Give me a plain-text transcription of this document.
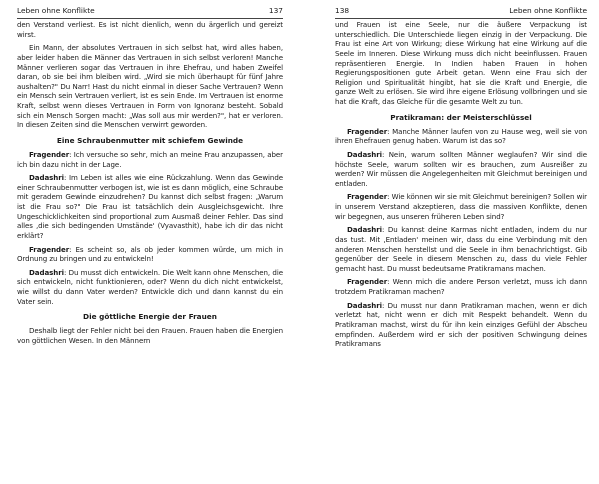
Leben ohne Konflikte	137

den Verstand verliest. Es ist nicht dienlich, wenn du ärgerlich und gereizt wirst.

Ein Mann, der absolutes Vertrauen in sich selbst hat, wird alles haben, aber leider haben die Männer das Vertrauen in sich selbst verloren! Manche Männer verlieren sogar das Vertrauen in ihre Ehefrau, und haben Zweifel daran, ob sie bei ihm bleiben wird. „Wird sie mich überhaupt für fünf Jahre aushalten?" Du Narr! Hast du nicht einmal in dieser Sache Vertrauen? Wenn ein Mensch sein Vertrauen verliert, ist es sein Ende. Im Vertrauen ist enorme Kraft, selbst wenn dieses Vertrauen in Form von Ignoranz besteht. Sobald sich ein Mensch Sorgen macht: „Was soll aus mir werden?", hat er verloren. In diesen Zeiten sind die Menschen verwirrt geworden.

Eine Schraubenmutter mit schiefem Gewinde

Fragender: Ich versuche so sehr, mich an meine Frau anzupassen, aber ich bin dazu nicht in der Lage.

Dadashri: Im Leben ist alles wie eine Rückzahlung. Wenn das Gewinde einer Schraubenmutter verbogen ist, wie ist es dann möglich, eine Schraube mit geradem Gewinde einzudrehen? Du kannst dich selbst fragen: „Warum ist die Frau so?" Die Frau ist tatsächlich dein Ausgleichsgewicht. Ihre Ungeschicklichkeiten sind proportional zum Ausmaß deiner Fehler. Das sind alles ‚die sich bedingenden Umstände' (Vyavasthit), habe ich dir das nicht erklärt?

Fragender: Es scheint so, als ob jeder kommen würde, um mich in Ordnung zu bringen und zu entwickeln!

Dadashri: Du musst dich entwickeln. Die Welt kann ohne Menschen, die sich entwickeln, nicht funktionieren, oder? Wenn du dich nicht entwickelst, wie willst du dann Vater werden? Entwickle dich und dann kannst du ein Vater sein.

Die göttliche Energie der Frauen

Deshalb liegt der Fehler nicht bei den Frauen. Frauen haben die Energien von göttlichen Wesen. In den Männern

138	Leben ohne Konflikte

und Frauen ist eine Seele, nur die äußere Verpackung ist unterschiedlich. Die Unterschiede liegen einzig in der Verpackung. Die Frau ist eine Art von Wirkung; diese Wirkung hat eine Wirkung auf die Seele im Inneren. Diese Wirkung muss dich nicht beeinflussen. Frauen repräsentieren Energie. In Indien haben Frauen in hohen Regierungspositionen gute Arbeit getan. Wenn eine Frau sich der Religion und Spiritualität hingibt, hat sie die Kraft und Energie, die ganze Welt zu erlösen. Sie wird ihre eigene Erlösung vollbringen und sie hat die Kraft, das Gleiche für die gesamte Welt zu tun.

Pratikraman: der Meisterschlüssel

Fragender: Manche Männer laufen von zu Hause weg, weil sie von ihren Ehefrauen genug haben. Warum ist das so?

Dadashri: Nein, warum sollten Männer weglaufen? Wir sind die höchste Seele, warum sollten wir es brauchen, zum Ausreißer zu werden? Wir müssen die Angelegenheiten mit Gleichmut bereinigen und entladen.

Fragender: Wie können wir sie mit Gleichmut bereinigen? Sollen wir in unserem Verstand akzeptieren, dass die massiven Konflikte, denen wir begegnen, aus unseren früheren Leben sind?

Dadashri: Du kannst deine Karmas nicht entladen, indem du nur das tust. Mit ‚Entladen' meinen wir, dass du eine Verbindung mit den anderen Menschen herstellst und die Seele in ihm benachrichtigst. Gib gegenüber der Seele in diesem Menschen zu, dass du viele Fehler gemacht hast. Du musst bedeutsame Pratikramans machen.

Fragender: Wenn mich die andere Person verletzt, muss ich dann trotzdem Pratikraman machen?

Dadashri: Du musst nur dann Pratikraman machen, wenn er dich verletzt hat, nicht wenn er dich mit Respekt behandelt. Wenn du Pratikraman machst, wirst du für ihn kein einziges Gefühl der Abscheu empfinden. Außerdem wird er sich der positiven Schwingung deines Pratikramans
